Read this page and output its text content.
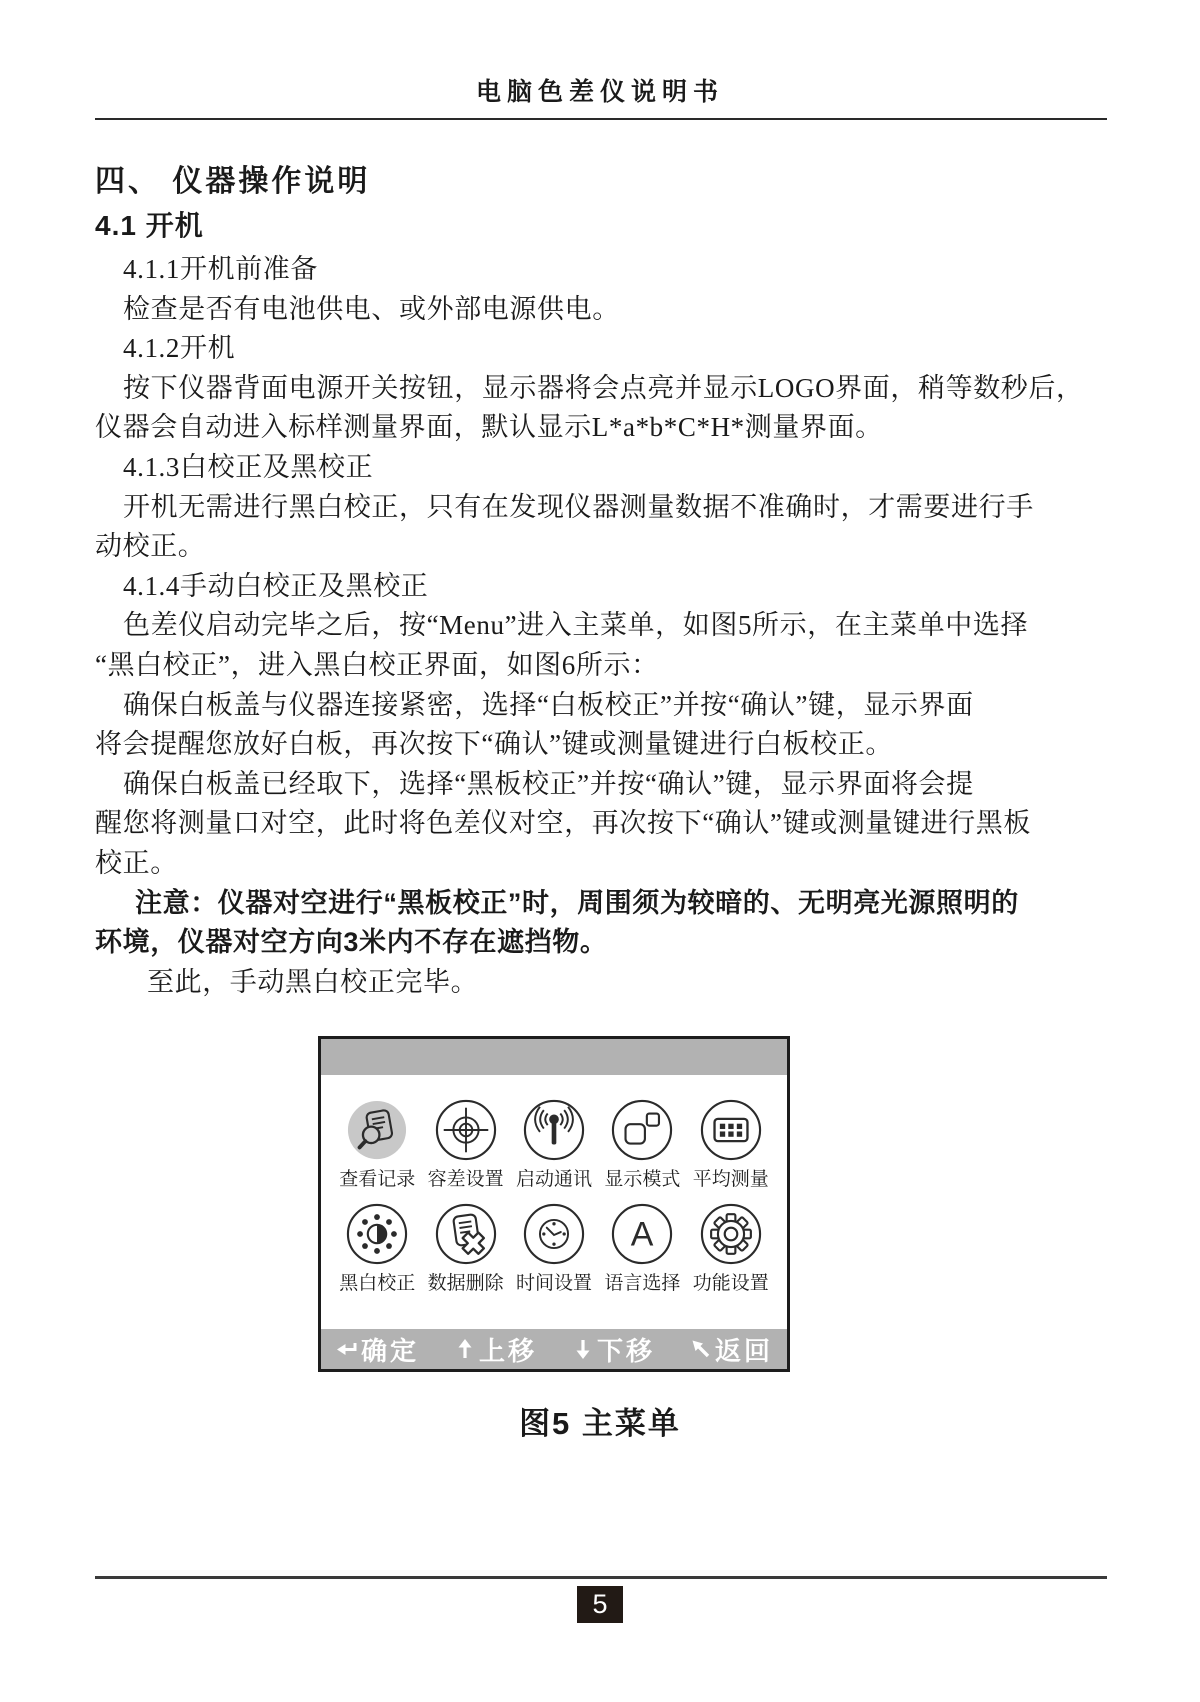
电脑色差仪说明书
四、 仪器操作说明
4.1 开机
4.1.1开机前准备
检查是否有电池供电、或外部电源供电。
4.1.2开机
按下仪器背面电源开关按钮，显示器将会点亮并显示LOGO界面，稍等数秒后，
仪器会自动进入标样测量界面，默认显示L*a*b*C*H*测量界面。
4.1.3白校正及黑校正
开机无需进行黑白校正，只有在发现仪器测量数据不准确时，才需要进行手
动校正。
4.1.4手动白校正及黑校正
色差仪启动完毕之后，按“Menu”进入主菜单，如图5所示，在主菜单中选择
“黑白校正”，进入黑白校正界面，如图6所示：
确保白板盖与仪器连接紧密，选择“白板校正”并按“确认”键，显示界面
将会提醒您放好白板，再次按下“确认”键或测量键进行白板校正。
确保白板盖已经取下，选择“黑板校正”并按“确认”键，显示界面将会提
醒您将测量口对空，此时将色差仪对空，再次按下“确认”键或测量键进行黑板
校正。
注意：仪器对空进行“黑板校正”时，周围须为较暗的、无明亮光源照明的
环境，仪器对空方向3米内不存在遮挡物。
至此，手动黑白校正完毕。
查看记录 容差设置 启动通讯 显示模式 平均测量
黑白校正 数据删除 时间设置
A
语言选择 功能设置
确定 上移 下移 返回
图5 主菜单
5
